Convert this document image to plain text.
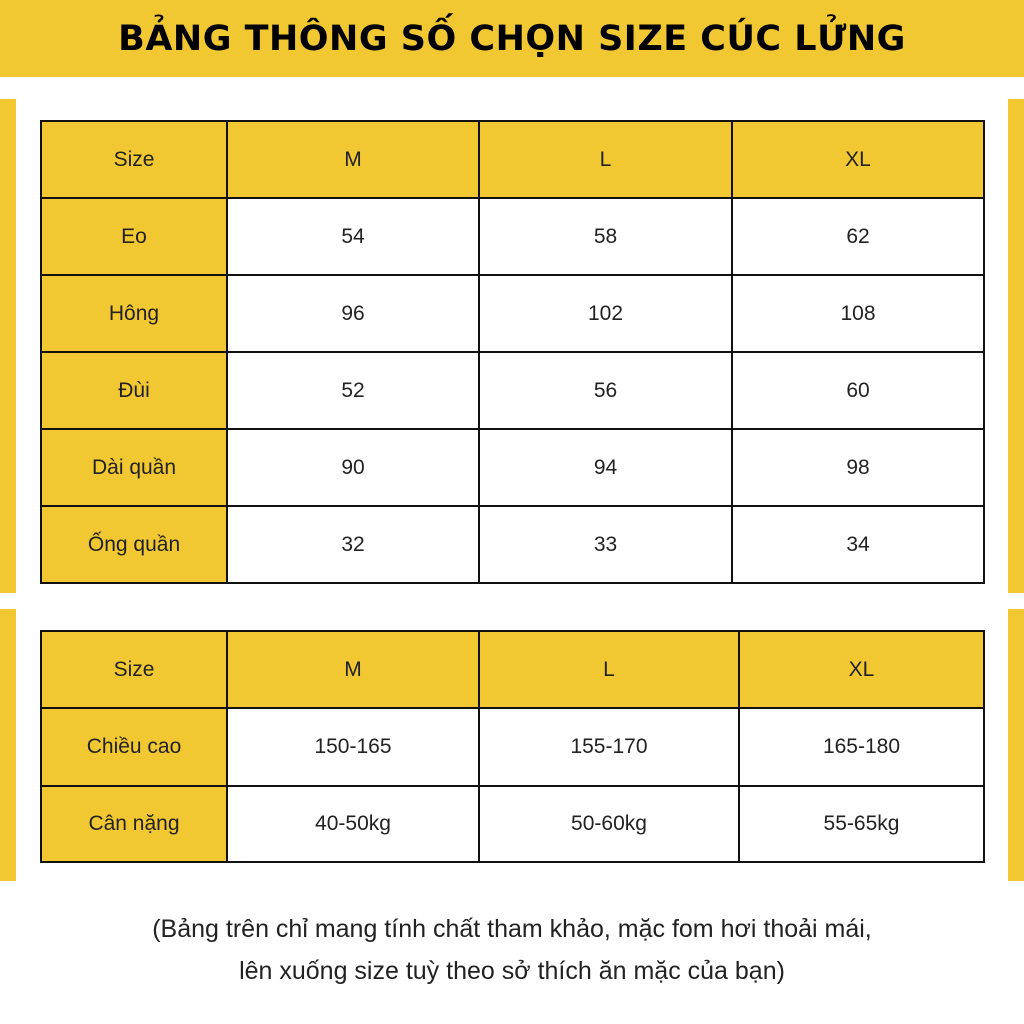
BẢNG THÔNG SỐ CHỌN SIZE CÚC LỬNG
Size	M	L	XL
Eo	54	58	62
Hông	96	102	108
Đùi	52	56	60
Dài quần	90	94	98
Ống quần	32	33	34
Size	M	L	XL
Chiều cao	150-165	155-170	165-180
Cân nặng	40-50kg	50-60kg	55-65kg
(Bảng trên chỉ mang tính chất tham khảo, mặc fom hơi thoải mái,
lên xuống size tuỳ theo sở thích ăn mặc của bạn)
